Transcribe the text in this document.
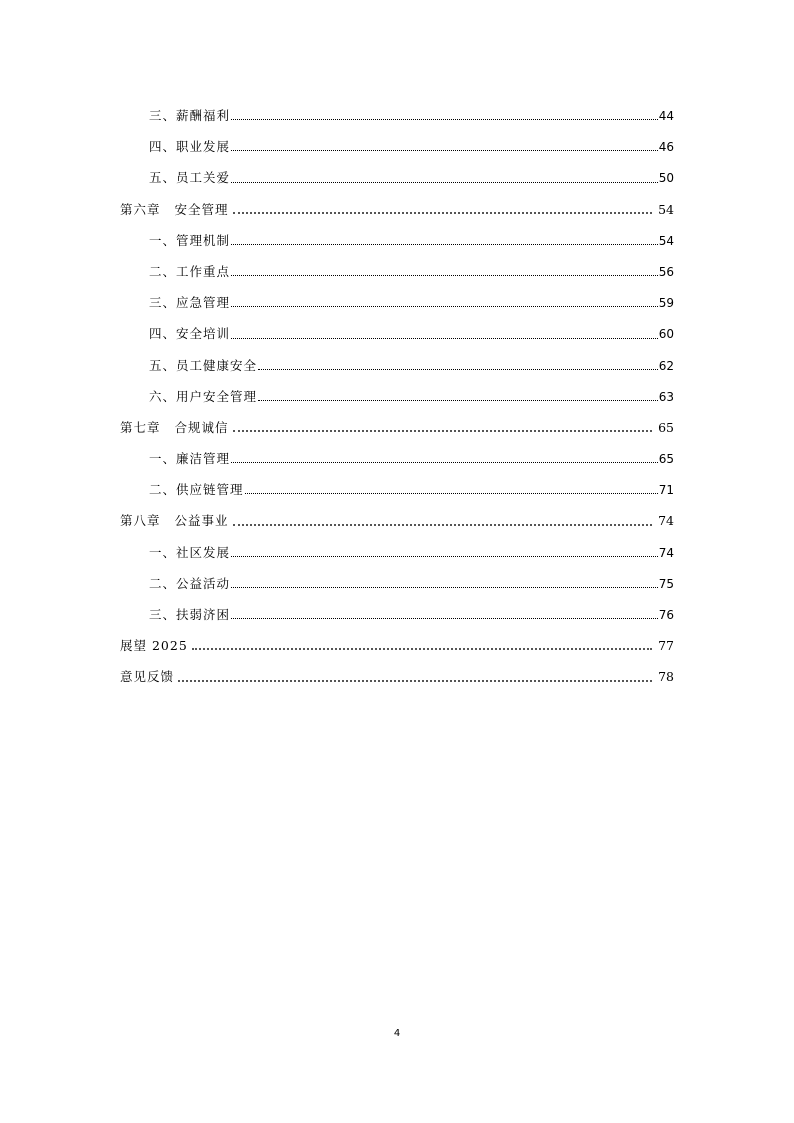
三、薪酬福利	44
四、职业发展	46
五、员工关爱	50
第六章 安全管理	54
一、管理机制	54
二、工作重点	56
三、应急管理	59
四、安全培训	60
五、员工健康安全	62
六、用户安全管理	63
第七章 合规诚信	65
一、廉洁管理	65
二、供应链管理	71
第八章 公益事业	74
一、社区发展	74
二、公益活动	75
三、扶弱济困	76
展望 2025	77
意见反馈	78
4
